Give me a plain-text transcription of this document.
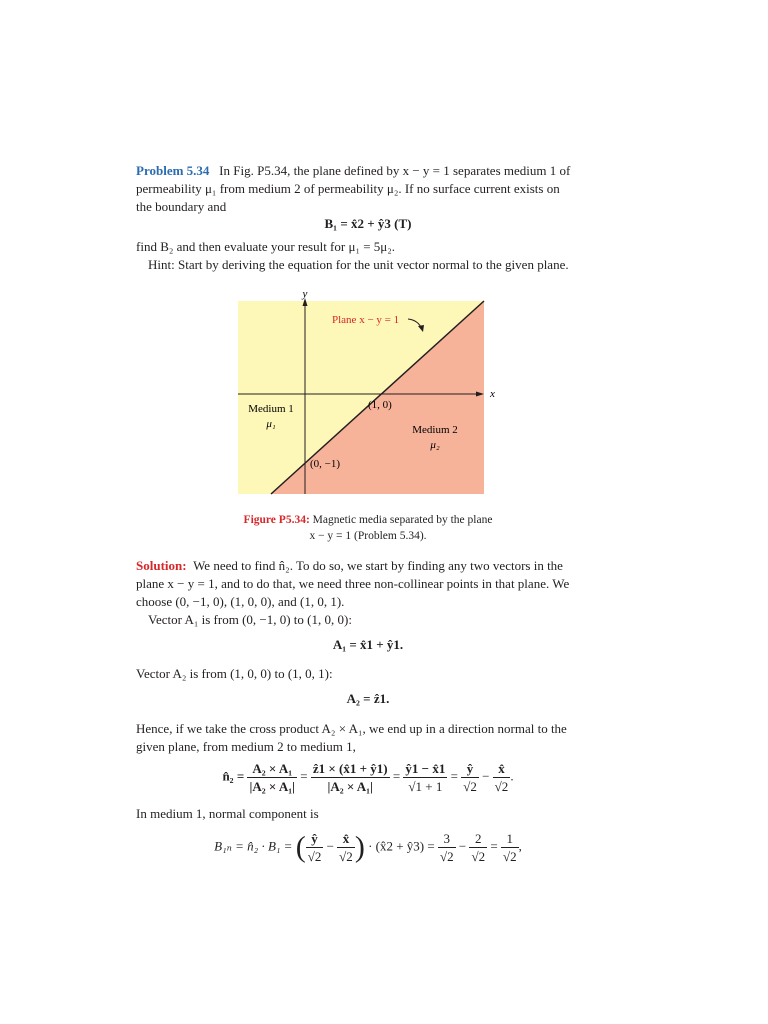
Problem 5.34 In Fig. P5.34, the plane defined by x − y = 1 separates medium 1 of
permeability μ₁ from medium 2 of permeability μ₂. If no surface current exists on
the boundary and
B₁ = x̂2 + ŷ3 (T)
find B₂ and then evaluate your result for μ₁ = 5μ₂.
Hint: Start by deriving the equation for the unit vector normal to the given plane.
y
x
Plane x − y = 1
(1, 0)
(0, −1)
Medium 1
μ₁	Medium 2
μ₂
Figure P5.34: Magnetic media separated by the plane
x − y = 1 (Problem 5.34).
Solution: We need to find n̂₂. To do so, we start by finding any two vectors in the
plane x − y = 1, and to do that, we need three non-collinear points in that plane. We
choose (0, −1, 0), (1, 0, 0), and (1, 0, 1).
Vector A₁ is from (0, −1, 0) to (1, 0, 0):
A₁ = x̂1 + ŷ1.
Vector A₂ is from (1, 0, 0) to (1, 0, 1):
A₂ = ẑ1.
Hence, if we take the cross product A₂ × A₁, we end up in a direction normal to the
given plane, from medium 2 to medium 1,
n̂₂ = $\frac{\text{A₂ × A₁}}{\text{|A₂ × A₁|}} = \frac{\text{ẑ1 × (x̂1 + ŷ1)}}{\text{|A₂ × A₁|}} = \frac{ŷ1 - x̂1}{√1 + 1} = \frac{ŷ}{√2} - \frac{x̂}{√2}$ .
In medium 1, normal component is
B₁ₙ = n̂₂ · B₁ = ( $\frac{ŷ}{√2} - \frac{x̂}{√2}$ ) · (x̂2 + ŷ3) = $\frac{3}{√2} - \frac{2}{√2} = \frac{1}{√2}$ ,
